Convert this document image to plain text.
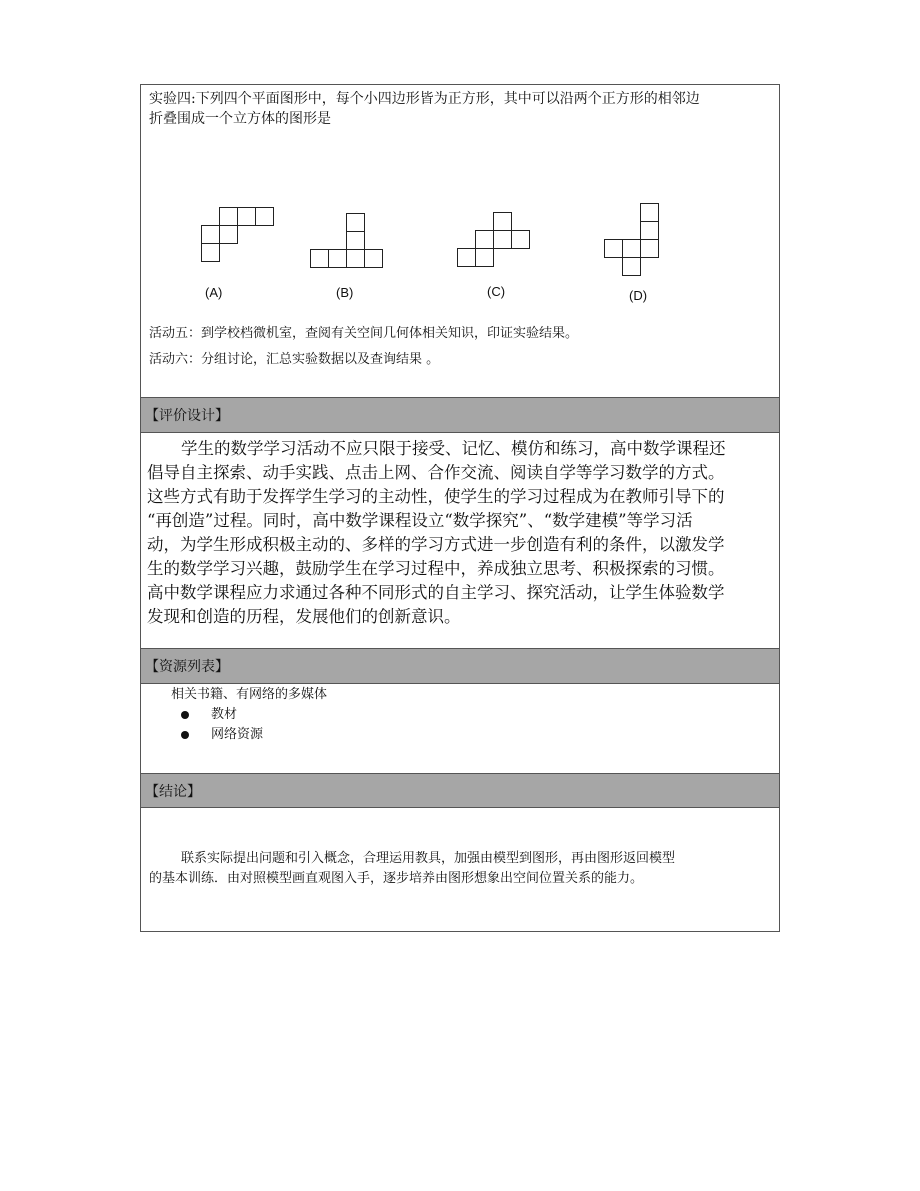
实验四:下列四个平面图形中，每个小四边形皆为正方形，其中可以沿两个正方形的相邻边
折叠围成一个立方体的图形是
(A)	(B)	(C)	(D)
活动五：到学校档微机室，查阅有关空间几何体相关知识，印证实验结果。
活动六：分组讨论，汇总实验数据以及查询结果 。
【评价设计】
学生的数学学习活动不应只限于接受、记忆、模仿和练习，高中数学课程还
倡导自主探索、动手实践、点击上网、合作交流、阅读自学等学习数学的方式。
这些方式有助于发挥学生学习的主动性，使学生的学习过程成为在教师引导下的
“再创造”过程。同时，高中数学课程设立“数学探究”、“数学建模”等学习活
动，为学生形成积极主动的、多样的学习方式进一步创造有利的条件，以激发学
生的数学学习兴趣，鼓励学生在学习过程中，养成独立思考、积极探索的习惯。
高中数学课程应力求通过各种不同形式的自主学习、探究活动，让学生体验数学
发现和创造的历程，发展他们的创新意识。
【资源列表】
相关书籍、有网络的多媒体
教材
网络资源
【结论】
联系实际提出问题和引入概念，合理运用教具，加强由模型到图形，再由图形返回模型
的基本训练．由对照模型画直观图入手，逐步培养由图形想象出空间位置关系的能力。
